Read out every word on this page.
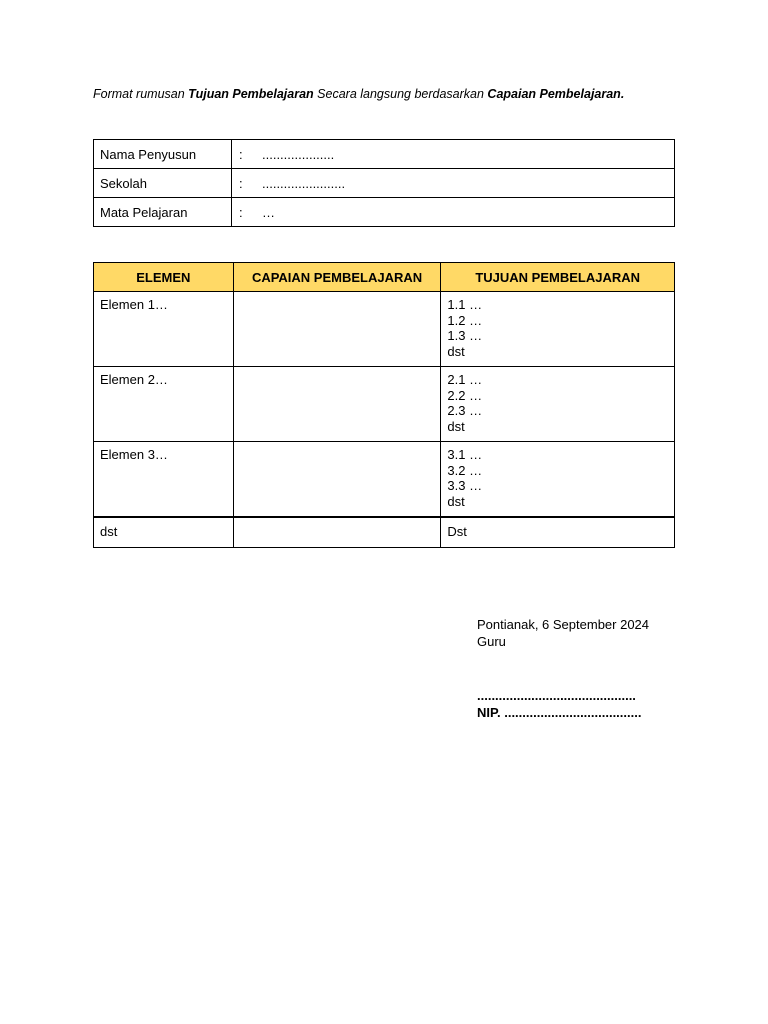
Format rumusan Tujuan Pembelajaran Secara langsung berdasarkan Capaian Pembelajaran.
Nama Penyusun	: ....................
Sekolah	: .......................
Mata Pelajaran	: …
ELEMEN	CAPAIAN PEMBELAJARAN	TUJUAN PEMBELAJARAN
Elemen 1…		1.1 …
1.2 …
1.3 …
dst

Elemen 2…		2.1 …
2.2 …
2.3 …
dst

Elemen 3…		3.1 …
3.2 …
3.3 …
dst

dst		Dst
Pontianak, 6 September 2024
Guru
............................................
NIP. ......................................
